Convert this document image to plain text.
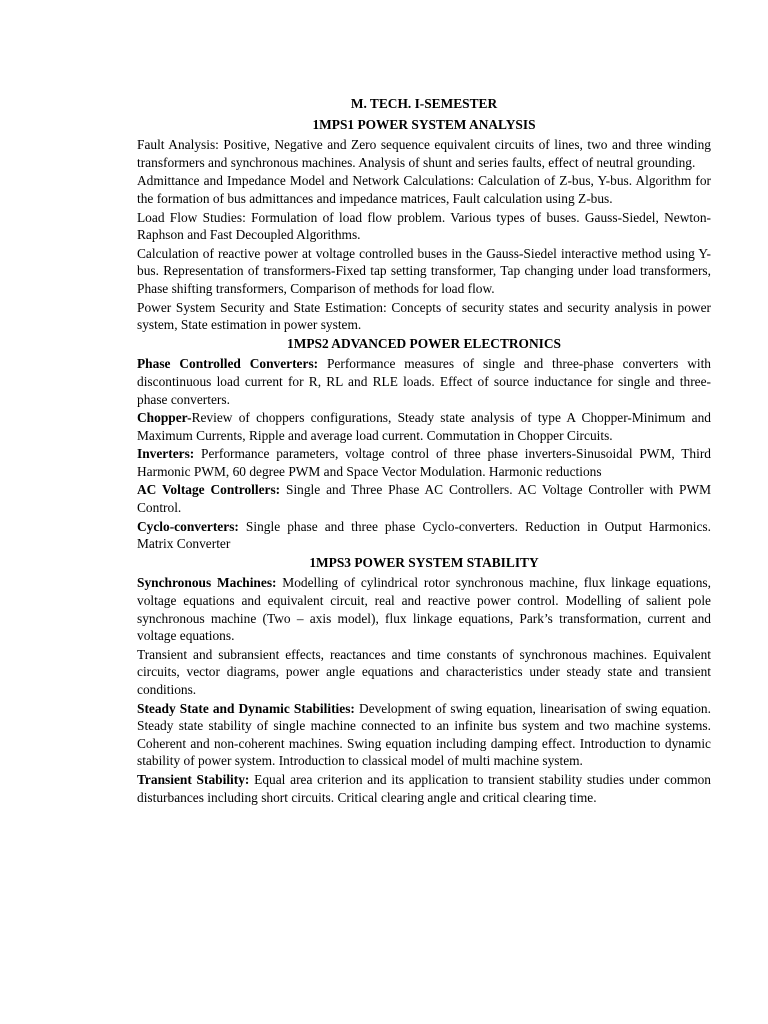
M. TECH. I-SEMESTER
1MPS1 POWER SYSTEM ANALYSIS
Fault Analysis: Positive, Negative and Zero sequence equivalent circuits of lines, two and three winding transformers and synchronous machines. Analysis of shunt and series faults, effect of neutral grounding.
Admittance and Impedance Model and Network Calculations: Calculation of Z-bus, Y-bus. Algorithm for the formation of bus admittances and impedance matrices, Fault calculation using Z-bus.
Load Flow Studies: Formulation of load flow problem. Various types of buses. Gauss-Siedel, Newton-Raphson and Fast Decoupled Algorithms.
Calculation of reactive power at voltage controlled buses in the Gauss-Siedel interactive method using Y-bus. Representation of transformers-Fixed tap setting transformer, Tap changing under load transformers, Phase shifting transformers, Comparison of methods for load flow.
Power System Security and State Estimation: Concepts of security states and security analysis in power system, State estimation in power system.
1MPS2 ADVANCED POWER ELECTRONICS
Phase Controlled Converters: Performance measures of single and three-phase converters with discontinuous load current for R, RL and RLE loads. Effect of source inductance for single and three-phase converters.
Chopper-Review of choppers configurations, Steady state analysis of type A Chopper-Minimum and Maximum Currents, Ripple and average load current. Commutation in Chopper Circuits.
Inverters: Performance parameters, voltage control of three phase inverters-Sinusoidal PWM, Third Harmonic PWM, 60 degree PWM and Space Vector Modulation. Harmonic reductions
AC Voltage Controllers: Single and Three Phase AC Controllers. AC Voltage Controller with PWM Control.
Cyclo-converters: Single phase and three phase Cyclo-converters. Reduction in Output Harmonics. Matrix Converter
1MPS3 POWER SYSTEM STABILITY
Synchronous Machines: Modelling of cylindrical rotor synchronous machine, flux linkage equations, voltage equations and equivalent circuit, real and reactive power control. Modelling of salient pole synchronous machine (Two – axis model), flux linkage equations, Park’s transformation, current and voltage equations.
Transient and subransient effects, reactances and time constants of synchronous machines. Equivalent circuits, vector diagrams, power angle equations and characteristics under steady state and transient conditions.
Steady State and Dynamic Stabilities: Development of swing equation, linearisation of swing equation. Steady state stability of single machine connected to an infinite bus system and two machine systems. Coherent and non-coherent machines. Swing equation including damping effect. Introduction to dynamic stability of power system. Introduction to classical model of multi machine system.
Transient Stability: Equal area criterion and its application to transient stability studies under common disturbances including short circuits. Critical clearing angle and critical clearing time.
